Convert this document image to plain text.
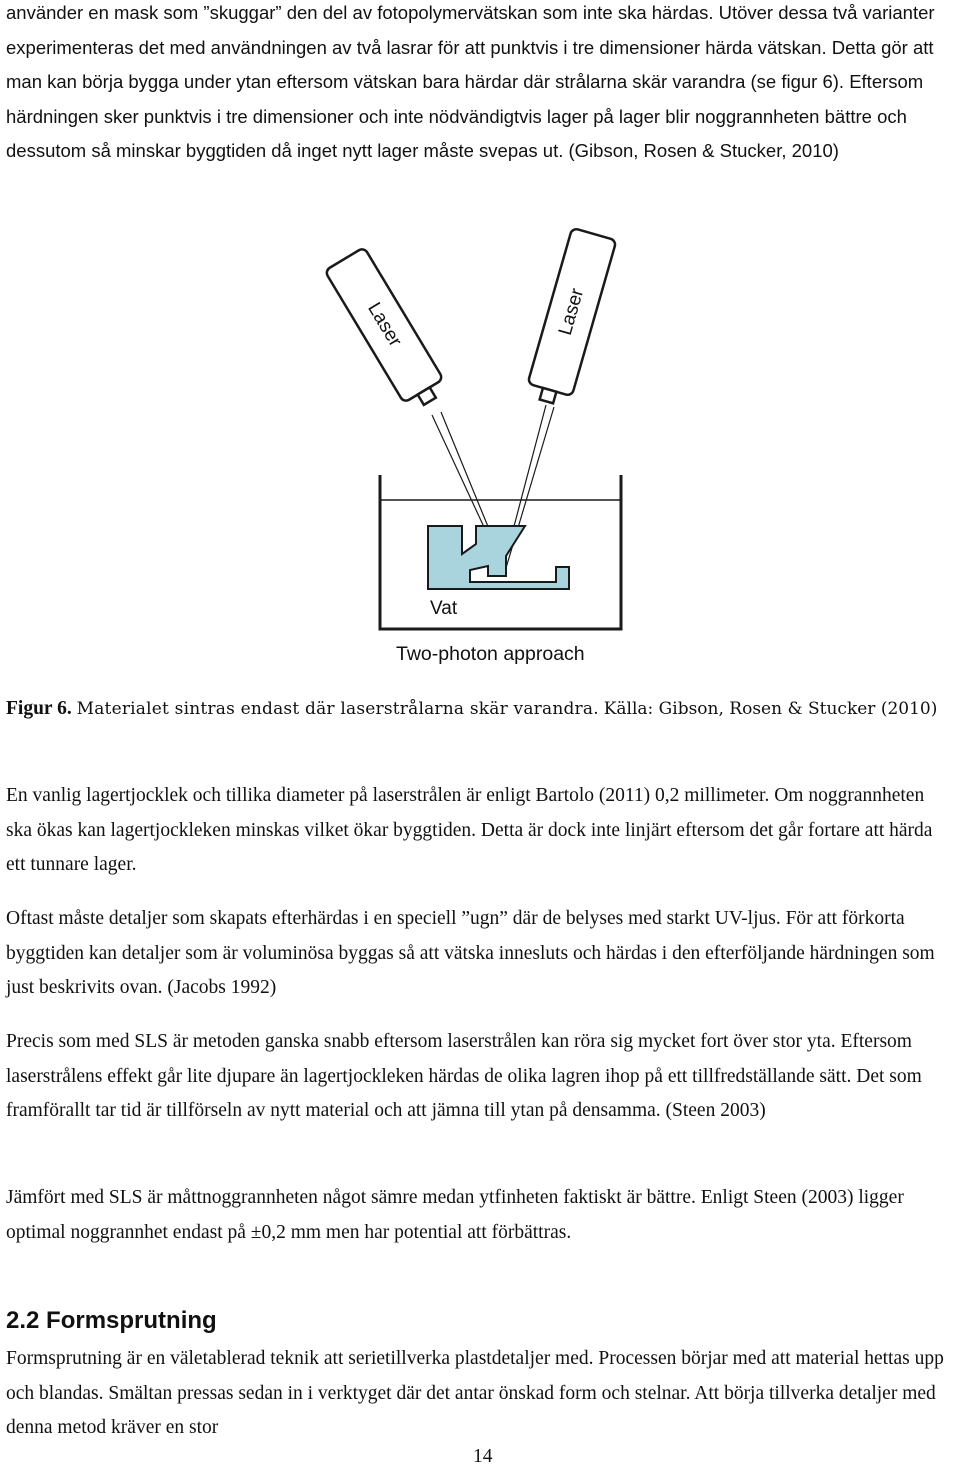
använder en mask som ”skuggar” den del av fotopolymervätskan som inte ska härdas. Utöver dessa två varianter experimenteras det med användningen av två lasrar för att punktvis i tre dimensioner härda vätskan. Detta gör att man kan börja bygga under ytan eftersom vätskan bara härdar där strålarna skär varandra (se figur 6). Eftersom härdningen sker punktvis i tre dimensioner och inte nödvändigtvis lager på lager blir noggrannheten bättre och dessutom så minskar byggtiden då inget nytt lager måste svepas ut. (Gibson, Rosen & Stucker, 2010)

Laser	Laser
Vat
Two-photon approach
Figur 6. Materialet sintras endast där laserstrålarna skär varandra. Källa: Gibson, Rosen & Stucker (2010)

En vanlig lagertjocklek och tillika diameter på laserstrålen är enligt Bartolo (2011) 0,2 millimeter. Om noggrannheten ska ökas kan lagertjockleken minskas vilket ökar byggtiden. Detta är dock inte linjärt eftersom det går fortare att härda ett tunnare lager.

Oftast måste detaljer som skapats efterhärdas i en speciell ”ugn” där de belyses med starkt UV-ljus. För att förkorta byggtiden kan detaljer som är voluminösa byggas så att vätska innesluts och härdas i den efterföljande härdningen som just beskrivits ovan. (Jacobs 1992)

Precis som med SLS är metoden ganska snabb eftersom laserstrålen kan röra sig mycket fort över stor yta. Eftersom laserstrålens effekt går lite djupare än lagertjockleken härdas de olika lagren ihop på ett tillfredställande sätt. Det som framförallt tar tid är tillförseln av nytt material och att jämna till ytan på densamma. (Steen 2003)

Jämfört med SLS är måttnoggrannheten något sämre medan ytfinheten faktiskt är bättre. Enligt Steen (2003) ligger optimal noggrannhet endast på ±0,2 mm men har potential att förbättras.

2.2 Formsprutning

Formsprutning är en väletablerad teknik att serietillverka plastdetaljer med. Processen börjar med att material hettas upp och blandas. Smältan pressas sedan in i verktyget där det antar önskad form och stelnar. Att börja tillverka detaljer med denna metod kräver en stor

14
